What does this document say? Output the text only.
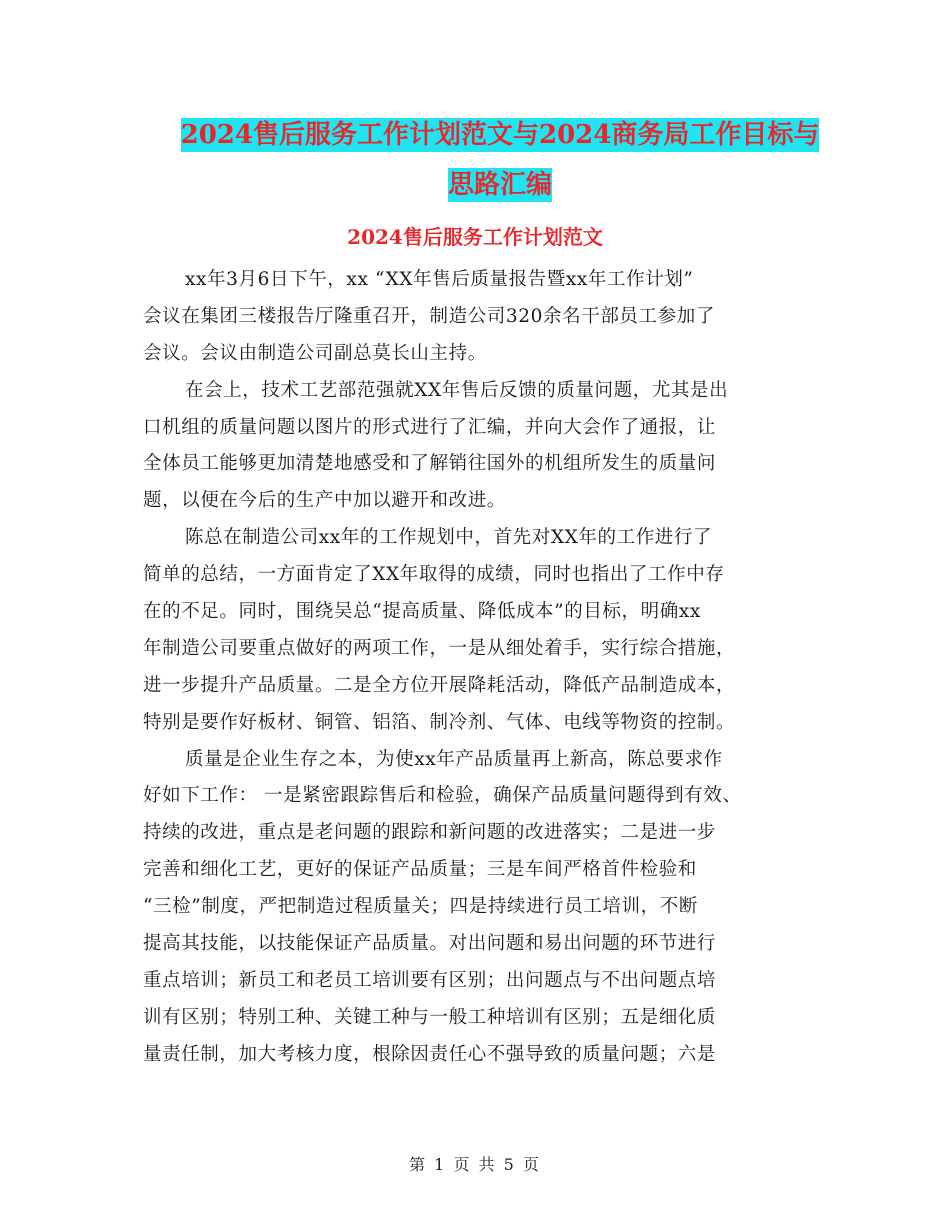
2024售后服务工作计划范文与2024商务局工作目标与
思路汇编
2024售后服务工作计划范文
xx年3月6日下午，xx “XX年售后质量报告暨xx年工作计划”
会议在集团三楼报告厅隆重召开，制造公司320余名干部员工参加了
会议。会议由制造公司副总莫长山主持。
在会上，技术工艺部范强就XX年售后反馈的质量问题，尤其是出
口机组的质量问题以图片的形式进行了汇编，并向大会作了通报，让
全体员工能够更加清楚地感受和了解销往国外的机组所发生的质量问
题，以便在今后的生产中加以避开和改进。
陈总在制造公司xx年的工作规划中，首先对XX年的工作进行了
简单的总结，一方面肯定了XX年取得的成绩，同时也指出了工作中存
在的不足。同时，围绕吴总“提高质量、降低成本”的目标，明确xx
年制造公司要重点做好的两项工作，一是从细处着手，实行综合措施，
进一步提升产品质量。二是全方位开展降耗活动，降低产品制造成本，
特别是要作好板材、铜管、铝箔、制冷剂、气体、电线等物资的控制。
质量是企业生存之本，为使xx年产品质量再上新高，陈总要求作
好如下工作： 一是紧密跟踪售后和检验，确保产品质量问题得到有效、
持续的改进，重点是老问题的跟踪和新问题的改进落实；二是进一步
完善和细化工艺，更好的保证产品质量；三是车间严格首件检验和
“三检”制度，严把制造过程质量关；四是持续进行员工培训，不断
提高其技能，以技能保证产品质量。对出问题和易出问题的环节进行
重点培训；新员工和老员工培训要有区别；出问题点与不出问题点培
训有区别；特别工种、关键工种与一般工种培训有区别；五是细化质
量责任制，加大考核力度，根除因责任心不强导致的质量问题；六是
第 1 页 共 5 页
